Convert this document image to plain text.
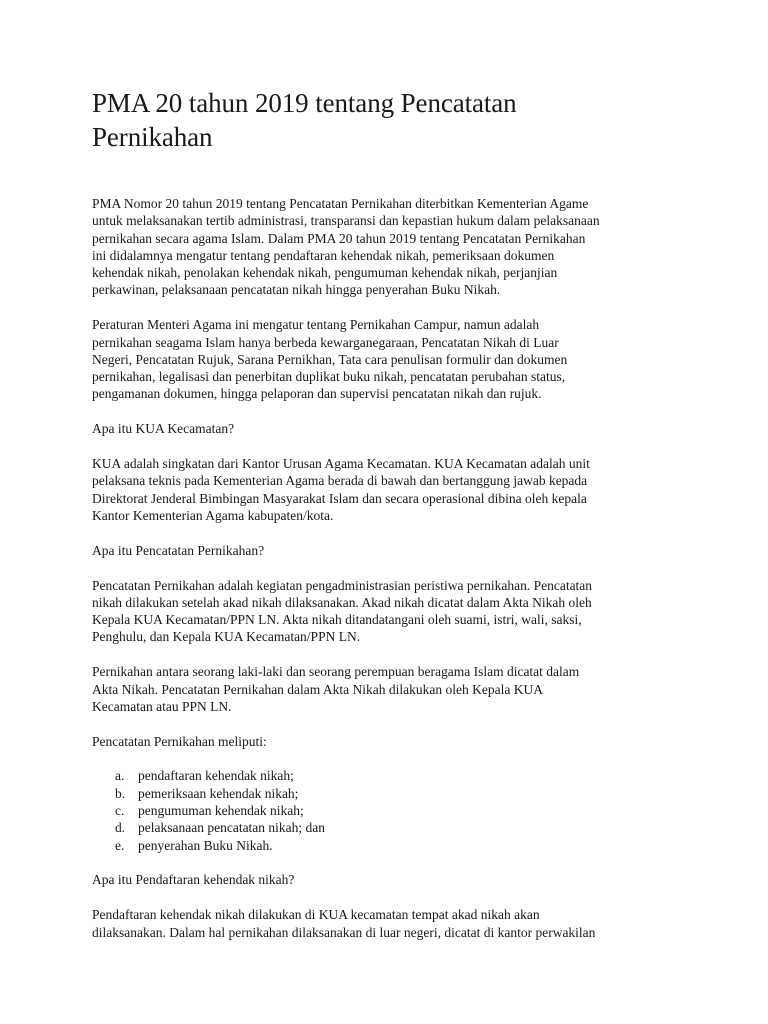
PMA 20 tahun 2019 tentang Pencatatan
Pernikahan

PMA Nomor 20 tahun 2019 tentang Pencatatan Pernikahan diterbitkan Kementerian Agame
untuk melaksanakan tertib administrasi, transparansi dan kepastian hukum dalam pelaksanaan
pernikahan secara agama Islam. Dalam PMA 20 tahun 2019 tentang Pencatatan Pernikahan
ini didalamnya mengatur tentang pendaftaran kehendak nikah, pemeriksaan dokumen
kehendak nikah, penolakan kehendak nikah, pengumuman kehendak nikah, perjanjian
perkawinan, pelaksanaan pencatatan nikah hingga penyerahan Buku Nikah.

Peraturan Menteri Agama ini mengatur tentang Pernikahan Campur, namun adalah
pernikahan seagama Islam hanya berbeda kewarganegaraan, Pencatatan Nikah di Luar
Negeri, Pencatatan Rujuk, Sarana Pernikhan, Tata cara penulisan formulir dan dokumen
pernikahan, legalisasi dan penerbitan duplikat buku nikah, pencatatan perubahan status,
pengamanan dokumen, hingga pelaporan dan supervisi pencatatan nikah dan rujuk.

Apa itu KUA Kecamatan?

KUA adalah singkatan dari Kantor Urusan Agama Kecamatan. KUA Kecamatan adalah unit
pelaksana teknis pada Kementerian Agama berada di bawah dan bertanggung jawab kepada
Direktorat Jenderal Bimbingan Masyarakat Islam dan secara operasional dibina oleh kepala
Kantor Kementerian Agama kabupaten/kota.

Apa itu Pencatatan Pernikahan?

Pencatatan Pernikahan adalah kegiatan pengadministrasian peristiwa pernikahan. Pencatatan
nikah dilakukan setelah akad nikah dilaksanakan. Akad nikah dicatat dalam Akta Nikah oleh
Kepala KUA Kecamatan/PPN LN. Akta nikah ditandatangani oleh suami, istri, wali, saksi,
Penghulu, dan Kepala KUA Kecamatan/PPN LN.

Pernikahan antara seorang laki-laki dan seorang perempuan beragama Islam dicatat dalam
Akta Nikah. Pencatatan Pernikahan dalam Akta Nikah dilakukan oleh Kepala KUA
Kecamatan atau PPN LN.

Pencatatan Pernikahan meliputi:

a.	pendaftaran kehendak nikah;
b. pemeriksaan kehendak nikah;
c.	pengumuman kehendak nikah;
d. pelaksanaan pencatatan nikah; dan
e.	penyerahan Buku Nikah.

Apa itu Pendaftaran kehendak nikah?

Pendaftaran kehendak nikah dilakukan di KUA kecamatan tempat akad nikah akan
dilaksanakan. Dalam hal pernikahan dilaksanakan di luar negeri, dicatat di kantor perwakilan
